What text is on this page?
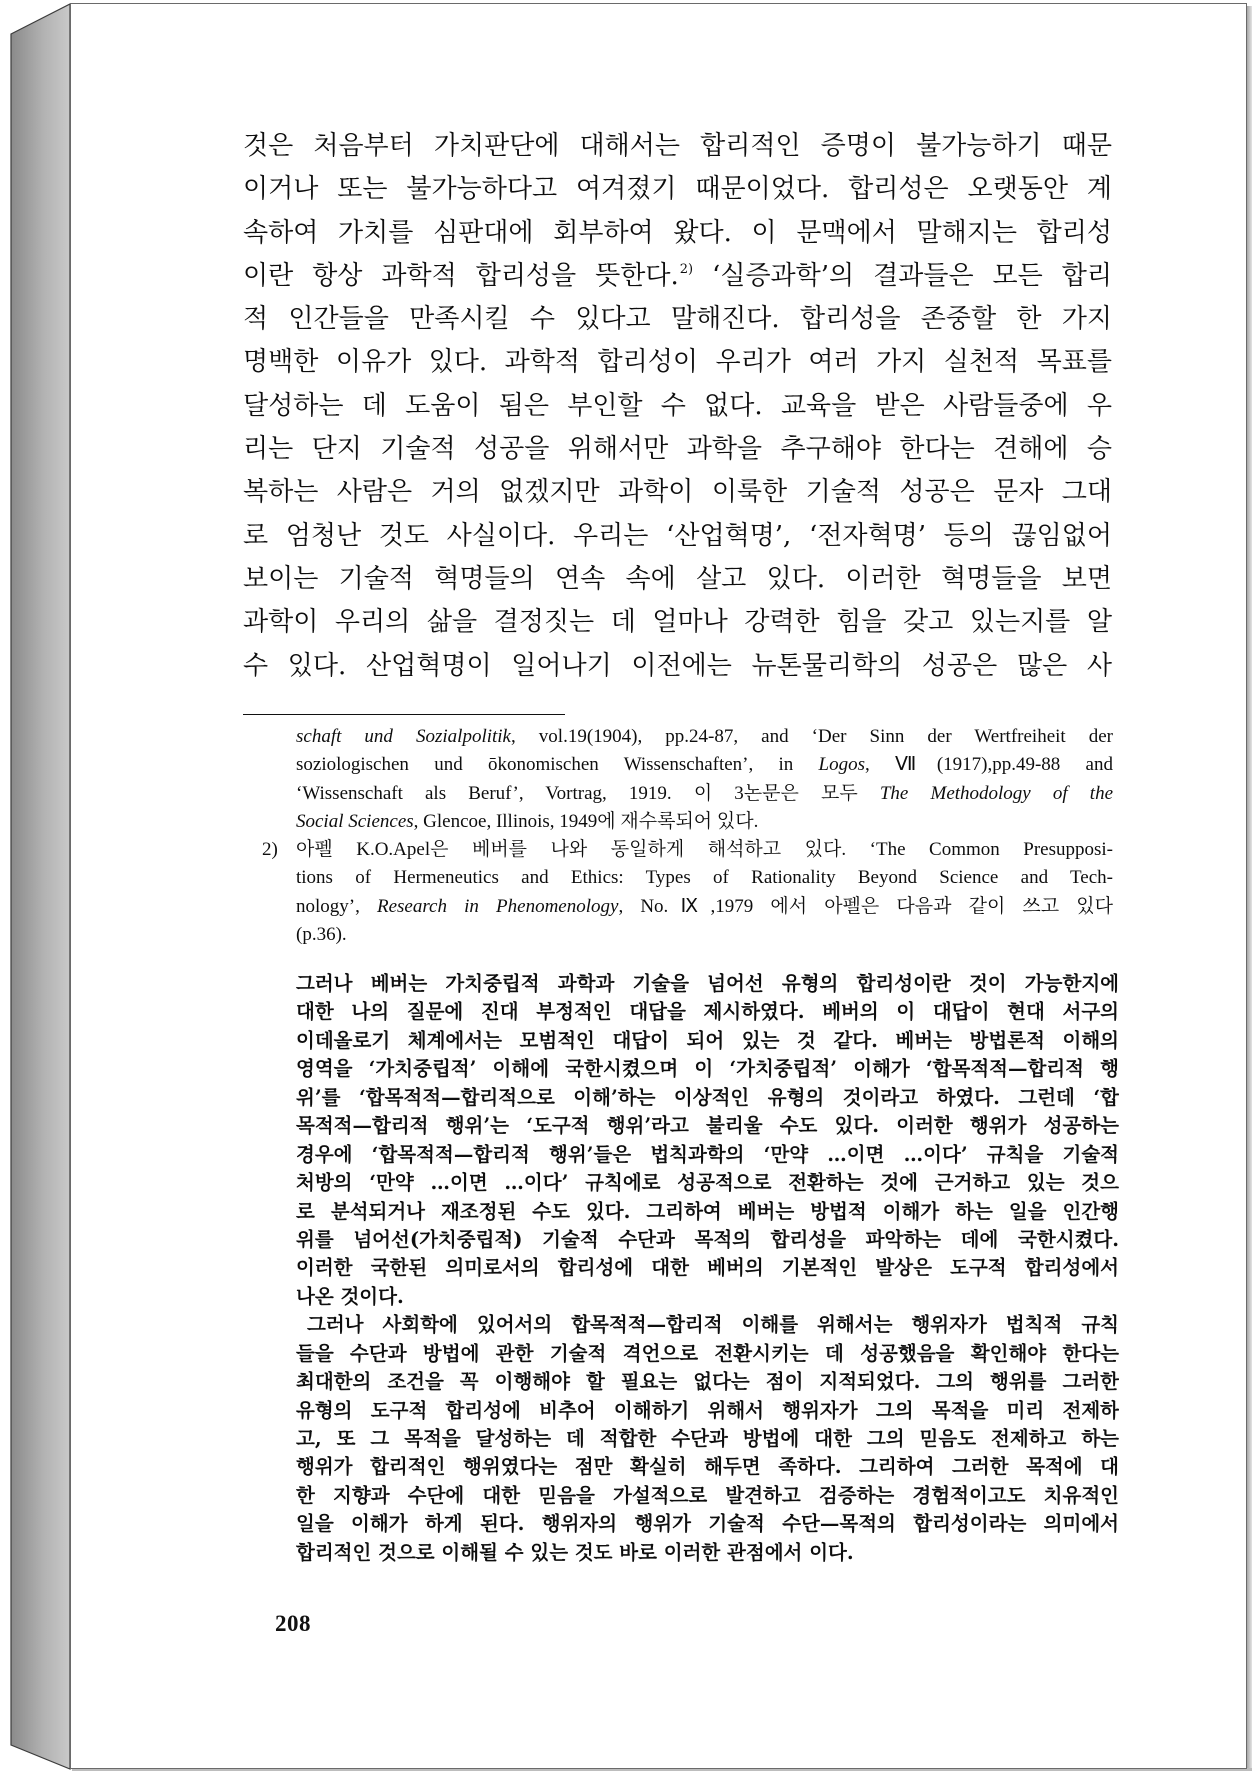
것은 처음부터 가치판단에 대해서는 합리적인 증명이 불가능하기 때문
이거나 또는 불가능하다고 여겨졌기 때문이었다. 합리성은 오랫동안 계
속하여 가치를 심판대에 회부하여 왔다. 이 문맥에서 말해지는 합리성
이란 항상 과학적 합리성을 뜻한다.$^{2)}$ ‘실증과학’의 결과들은 모든 합리
적 인간들을 만족시킬 수 있다고 말해진다. 합리성을 존중할 한 가지
명백한 이유가 있다. 과학적 합리성이 우리가 여러 가지 실천적 목표를
달성하는 데 도움이 됨은 부인할 수 없다. 교육을 받은 사람들중에 우
리는 단지 기술적 성공을 위해서만 과학을 추구해야 한다는 견해에 승
복하는 사람은 거의 없겠지만 과학이 이룩한 기술적 성공은 문자 그대
로 엄청난 것도 사실이다. 우리는 ‘산업혁명’, ‘전자혁명’ 등의 끊임없어
보이는 기술적 혁명들의 연속 속에 살고 있다. 이러한 혁명들을 보면
과학이 우리의 삶을 결정짓는 데 얼마나 강력한 힘을 갖고 있는지를 알
수 있다. 산업혁명이 일어나기 이전에는 뉴톤물리학의 성공은 많은 사
schaft und Sozialpolitik, vol.19(1904), pp.24-87, and ‘Der Sinn der Wertfreiheit der
soziologischen und ōkonomischen Wissenschaften’, in Logos, Ⅶ(1917),pp.49-88 and
‘Wissenschaft als Beruf’, Vortrag, 1919. 이 3논문은 모두 The Methodology of the
Social Sciences, Glencoe, Illinois, 1949에 재수록되어 있다.
2) 아펠 K.O.Apel은 베버를 나와 동일하게 해석하고 있다. ‘The Common Presupposi-
tions of Hermeneutics and Ethics: Types of Rationality Beyond Science and Tech-
nology’, Research in Phenomenology, No.Ⅸ,1979 에서 아펠은 다음과 같이 쓰고 있다
(p.36).
그러나 베버는 가치중립적 과학과 기술을 넘어선 유형의 합리성이란 것이 가능한지에
대한 나의 질문에 진대 부정적인 대답을 제시하였다. 베버의 이 대답이 현대 서구의
이데올로기 체계에서는 모범적인 대답이 되어 있는 것 같다. 베버는 방법론적 이해의
영역을 ‘가치중립적’ 이해에 국한시켰으며 이 ‘가치중립적’ 이해가 ‘합목적적—합리적 행
위’를 ‘합목적적—합리적으로 이해’하는 이상적인 유형의 것이라고 하였다. 그런데 ‘합
목적적—합리적 행위’는 ‘도구적 행위’라고 불리울 수도 있다. 이러한 행위가 성공하는
경우에 ‘합목적적—합리적 행위’들은 법칙과학의 ‘만약 …이면 …이다’ 규칙을 기술적
처방의 ‘만약 …이면 …이다’ 규칙에로 성공적으로 전환하는 것에 근거하고 있는 것으
로 분석되거나 재조정된 수도 있다. 그리하여 베버는 방법적 이해가 하는 일을 인간행
위를 넘어선(가치중립적) 기술적 수단과 목적의 합리성을 파악하는 데에 국한시켰다.
이러한 국한된 의미로서의 합리성에 대한 베버의 기본적인 발상은 도구적 합리성에서
나온 것이다.
그러나 사회학에 있어서의 합목적적—합리적 이해를 위해서는 행위자가 법칙적 규칙
들을 수단과 방법에 관한 기술적 격언으로 전환시키는 데 성공했음을 확인해야 한다는
최대한의 조건을 꼭 이행해야 할 필요는 없다는 점이 지적되었다. 그의 행위를 그러한
유형의 도구적 합리성에 비추어 이해하기 위해서 행위자가 그의 목적을 미리 전제하
고, 또 그 목적을 달성하는 데 적합한 수단과 방법에 대한 그의 믿음도 전제하고 하는
행위가 합리적인 행위였다는 점만 확실히 해두면 족하다. 그리하여 그러한 목적에 대
한 지향과 수단에 대한 믿음을 가설적으로 발견하고 검증하는 경험적이고도 치유적인
일을 이해가 하게 된다. 행위자의 행위가 기술적 수단—목적의 합리성이라는 의미에서
합리적인 것으로 이해될 수 있는 것도 바로 이러한 관점에서 이다.
208
